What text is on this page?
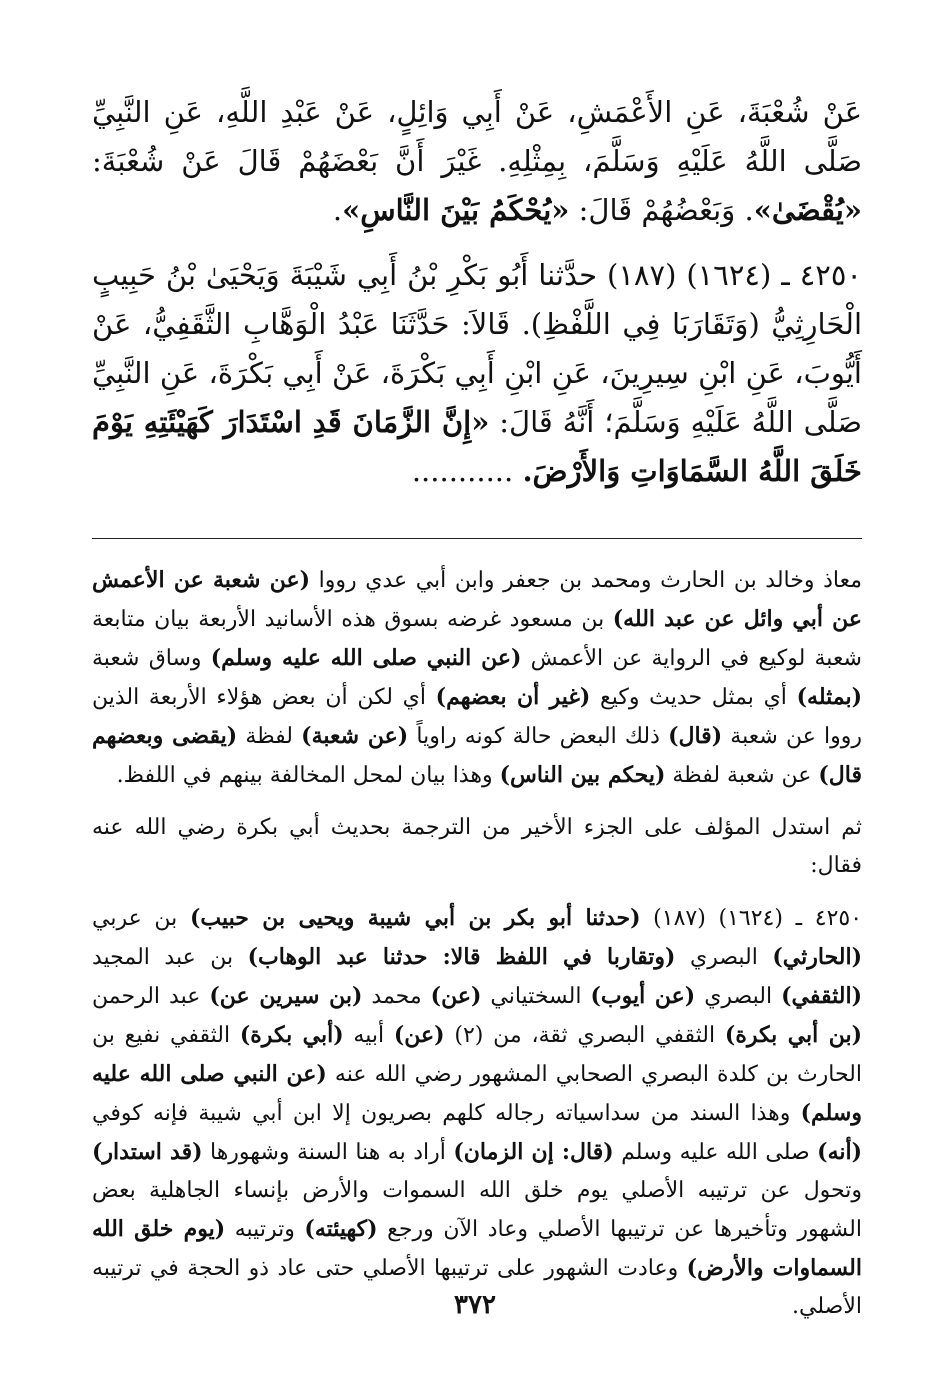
عَنْ شُعْبَةَ، عَنِ الأَعْمَشِ، عَنْ أَبِي وَائِلٍ، عَنْ عَبْدِ اللَّهِ، عَنِ النَّبِيِّ صَلَّى اللَّهُ عَلَيْهِ وَسَلَّمَ، بِمِثْلِهِ. غَيْرَ أَنَّ بَعْضَهُمْ قَالَ عَنْ شُعْبَةَ: «يُقْضَىٰ». وَبَعْضُهُمْ قَالَ: «يُحْكَمُ بَيْنَ النَّاسِ».

٤٢٥٠ ـ (١٦٢٤) (١٨٧) حدَّثنا أَبُو بَكْرِ بْنُ أَبِي شَيْبَةَ وَيَحْيَىٰ بْنُ حَبِيبٍ الْحَارِثِيُّ (وَتَقَارَبَا فِي اللَّفْظِ). قَالاَ: حَدَّثَنَا عَبْدُ الْوَهَّابِ الثَّقَفِيُّ، عَنْ أَيُّوبَ، عَنِ ابْنِ سِيرِينَ، عَنِ ابْنِ أَبِي بَكْرَةَ، عَنْ أَبِي بَكْرَةَ، عَنِ النَّبِيِّ صَلَّى اللَّهُ عَلَيْهِ وَسَلَّمَ؛ أَنَّهُ قَالَ: «إِنَّ الزَّمَانَ قَدِ اسْتَدَارَ كَهَيْئَتِهِ يَوْمَ خَلَقَ اللَّهُ السَّمَاوَاتِ وَالأَرْضَ. ...........

معاذ وخالد بن الحارث ومحمد بن جعفر وابن أبي عدي رووا (عن شعبة عن الأعمش عن أبي وائل عن عبد الله) بن مسعود غرضه بسوق هذه الأسانيد الأربعة بيان متابعة شعبة لوكيع في الرواية عن الأعمش (عن النبي صلى الله عليه وسلم) وساق شعبة (بمثله) أي بمثل حديث وكيع (غير أن بعضهم) أي لكن أن بعض هؤلاء الأربعة الذين رووا عن شعبة (قال) ذلك البعض حالة كونه راوياً (عن شعبة) لفظة (يقضى وبعضهم قال) عن شعبة لفظة (يحكم بين الناس) وهذا بيان لمحل المخالفة بينهم في اللفظ.

ثم استدل المؤلف على الجزء الأخير من الترجمة بحديث أبي بكرة رضي الله عنه فقال:

٤٢٥٠ ـ (١٦٢٤) (١٨٧) (حدثنا أبو بكر بن أبي شيبة ويحيى بن حبيب) بن عربي (الحارثي) البصري (وتقاربا في اللفظ قالا: حدثنا عبد الوهاب) بن عبد المجيد (الثقفي) البصري (عن أيوب) السختياني (عن) محمد (بن سيرين عن) عبد الرحمن (بن أبي بكرة) الثقفي البصري ثقة، من (٢) (عن) أبيه (أبي بكرة) الثقفي نفيع بن الحارث بن كلدة البصري الصحابي المشهور رضي الله عنه (عن النبي صلى الله عليه وسلم) وهذا السند من سداسياته رجاله كلهم بصريون إلا ابن أبي شيبة فإنه كوفي (أنه) صلى الله عليه وسلم (قال: إن الزمان) أراد به هنا السنة وشهورها (قد استدار) وتحول عن ترتيبه الأصلي يوم خلق الله السموات والأرض بإنساء الجاهلية بعض الشهور وتأخيرها عن ترتيبها الأصلي وعاد الآن ورجع (كهيئته) وترتيبه (يوم خلق الله السماوات والأرض) وعادت الشهور على ترتيبها الأصلي حتى عاد ذو الحجة في ترتيبه الأصلي.

٣٧٢
